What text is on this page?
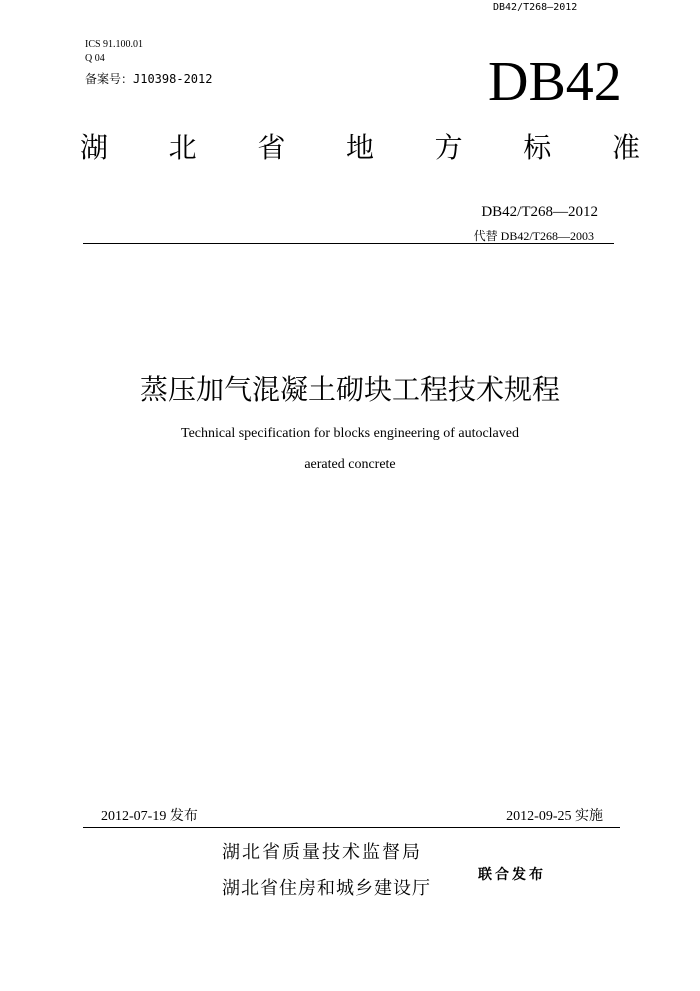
DB42/T268—2012
ICS 91.100.01
Q 04
备案号：J10398-2012	DB42
湖 北 省 地 方 标 准
DB42/T268—2012
代替 DB42/T268—2003
蒸压加气混凝土砌块工程技术规程
Technical specification for blocks engineering of autoclaved
aerated concrete
2012-07-19 发布	2012-09-25 实施
湖北省质量技术监督局
湖北省住房和城乡建设厅
联合发布
